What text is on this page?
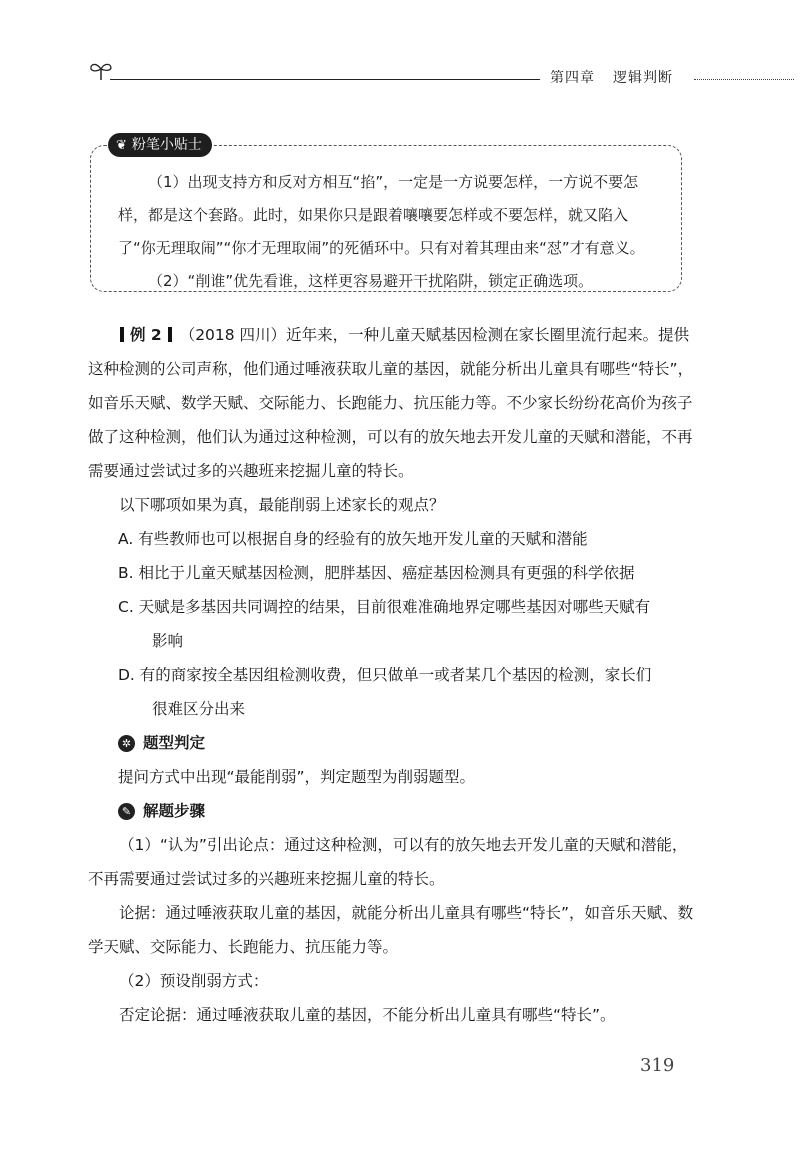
第四章 逻辑判断
❦ 粉笔小贴士

（1）出现支持方和反对方相互“掐”，一定是一方说要怎样，一方说不要怎样，都是这个套路。此时，如果你只是跟着嚷嚷要怎样或不要怎样，就又陷入了“你无理取闹”“你才无理取闹”的死循环中。只有对着其理由来“怼”才有意义。

（2）“削谁”优先看谁，这样更容易避开干扰陷阱，锁定正确选项。

例 2 （2018 四川）近年来，一种儿童天赋基因检测在家长圈里流行起来。提供这种检测的公司声称，他们通过唾液获取儿童的基因，就能分析出儿童具有哪些“特长”，如音乐天赋、数学天赋、交际能力、长跑能力、抗压能力等。不少家长纷纷花高价为孩子做了这种检测，他们认为通过这种检测，可以有的放矢地去开发儿童的天赋和潜能，不再需要通过尝试过多的兴趣班来挖掘儿童的特长。

以下哪项如果为真，最能削弱上述家长的观点？

A. 有些教师也可以根据自身的经验有的放矢地开发儿童的天赋和潜能

B. 相比于儿童天赋基因检测，肥胖基因、癌症基因检测具有更强的科学依据

C. 天赋是多基因共同调控的结果，目前很难准确地界定哪些基因对哪些天赋有

影响

D. 有的商家按全基因组检测收费，但只做单一或者某几个基因的检测，家长们

很难区分出来

✲ 题型判定

提问方式中出现“最能削弱”，判定题型为削弱题型。

✎ 解题步骤

（1）“认为”引出论点：通过这种检测，可以有的放矢地去开发儿童的天赋和潜能，不再需要通过尝试过多的兴趣班来挖掘儿童的特长。

论据：通过唾液获取儿童的基因，就能分析出儿童具有哪些“特长”，如音乐天赋、数学天赋、交际能力、长跑能力、抗压能力等。

（2）预设削弱方式：

否定论据：通过唾液获取儿童的基因，不能分析出儿童具有哪些“特长”。

319
